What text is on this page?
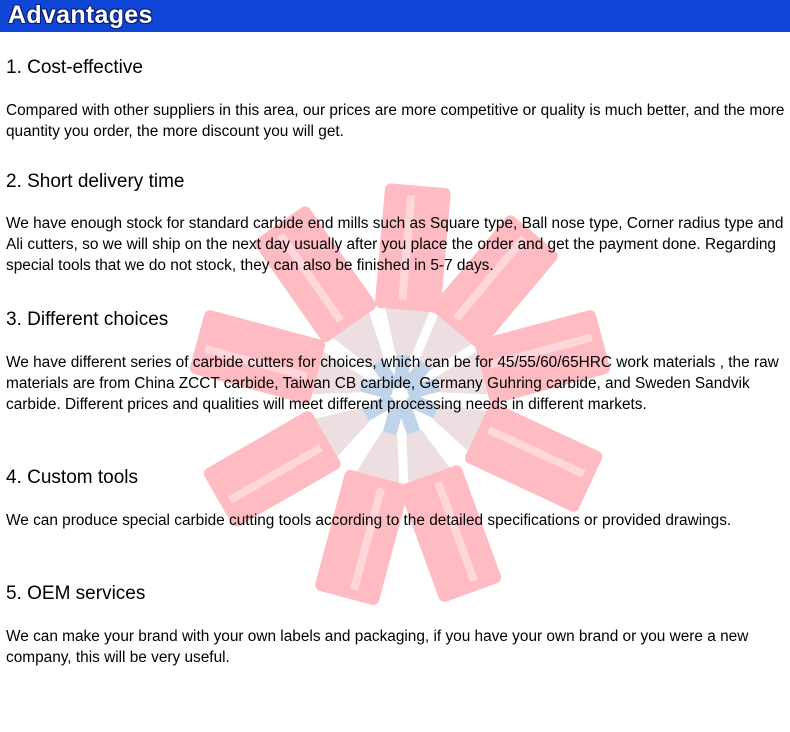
Advantages
1. Cost-effective

Compared with other suppliers in this area, our prices are more competitive or quality is much better, and the more quantity you order, the more discount you will get.

2. Short delivery time

We have enough stock for standard carbide end mills such as Square type, Ball nose type, Corner radius type and Ali cutters, so we will ship on the next day usually after you place the order and get the payment done. Regarding special tools that we do not stock, they can also be finished in 5-7 days.

3. Different choices

We have different series of carbide cutters for choices, which can be for 45/55/60/65HRC work materials , the raw materials are from China ZCCT carbide, Taiwan CB carbide, Germany Guhring carbide, and Sweden Sandvik carbide. Different prices and qualities will meet different processing needs in different markets.

4. Custom tools

We can produce special carbide cutting tools according to the detailed specifications or provided drawings.

5. OEM services

We can make your brand with your own labels and packaging, if you have your own brand or you were a new company, this will be very useful.
